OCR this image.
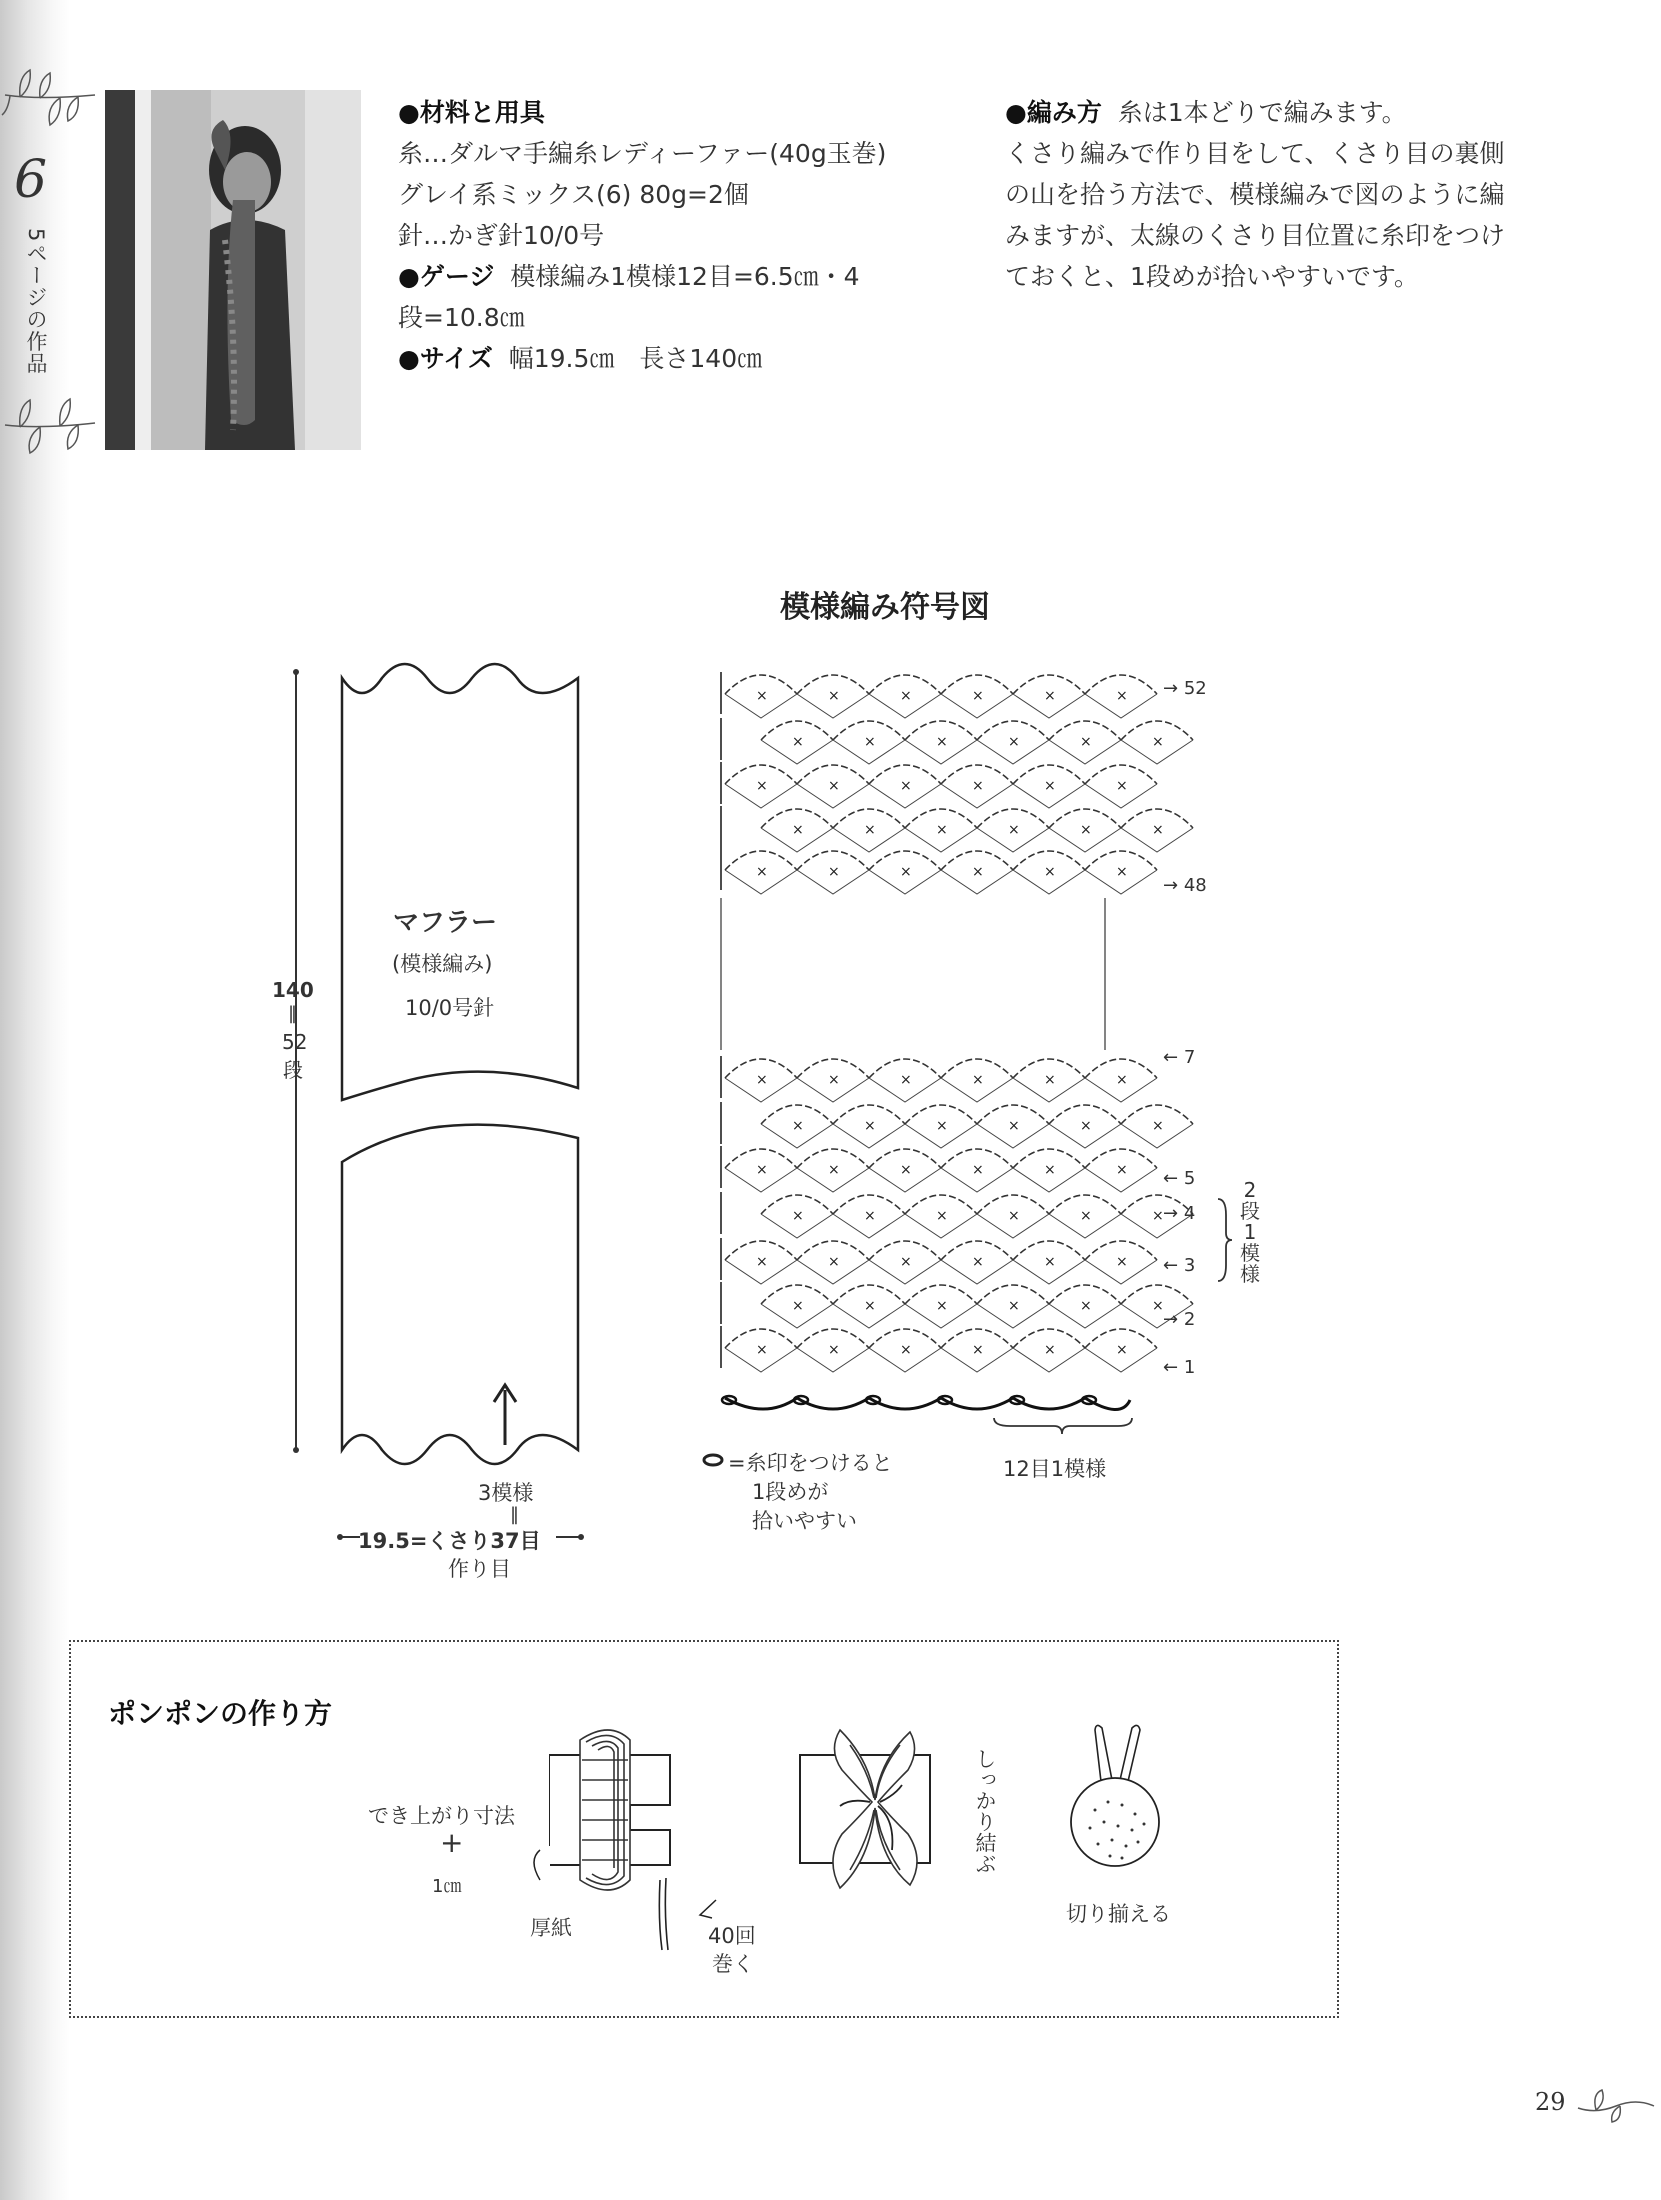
6
5ページの作品
●材料と用具
糸…ダルマ手編糸レディーファー(40g玉巻)
グレイ系ミックス(6) 80g=2個
針…かぎ針10/0号
●ゲージ 模様編み1模様12目=6.5㎝・4
段=10.8㎝
●サイズ 幅19.5㎝　長さ140㎝
●編み方 糸は1本どりで編みます。
くさり編みで作り目をして、くさり目の裏側
の山を拾う方法で、模様編みで図のように編
みますが、太線のくさり目位置に糸印をつけ
ておくと、1段めが拾いやすいです。
模様編み符号図
マフラー
(模様編み)
10/0号針
140
‖
52
段
3模様
‖
19.5=くさり37目
作り目
×	×	×	×	×	×
×	×	×	×	×	×
×	×	×	×	×	×
×	×	×	×	×	×
×	×	×	×	×	×
×	×	×	×	×	×
×	×	×	×	×	×
×	×	×	×	×	×
×	×	×	×	×	×
×	×	×	×	×	×
×	×	×	×	×	×
×	×	×	×	×	×
→ 52
→ 48
← 7
← 5
→ 4
← 3
→ 2
← 1
2
段
1
模
様
12目1模様
=糸印をつけると
1段めが
拾いやすい
ポンポンの作り方
でき上がり寸法
+
1㎝
厚紙	40回
巻く
しっかり結ぶ
切り揃える
29
